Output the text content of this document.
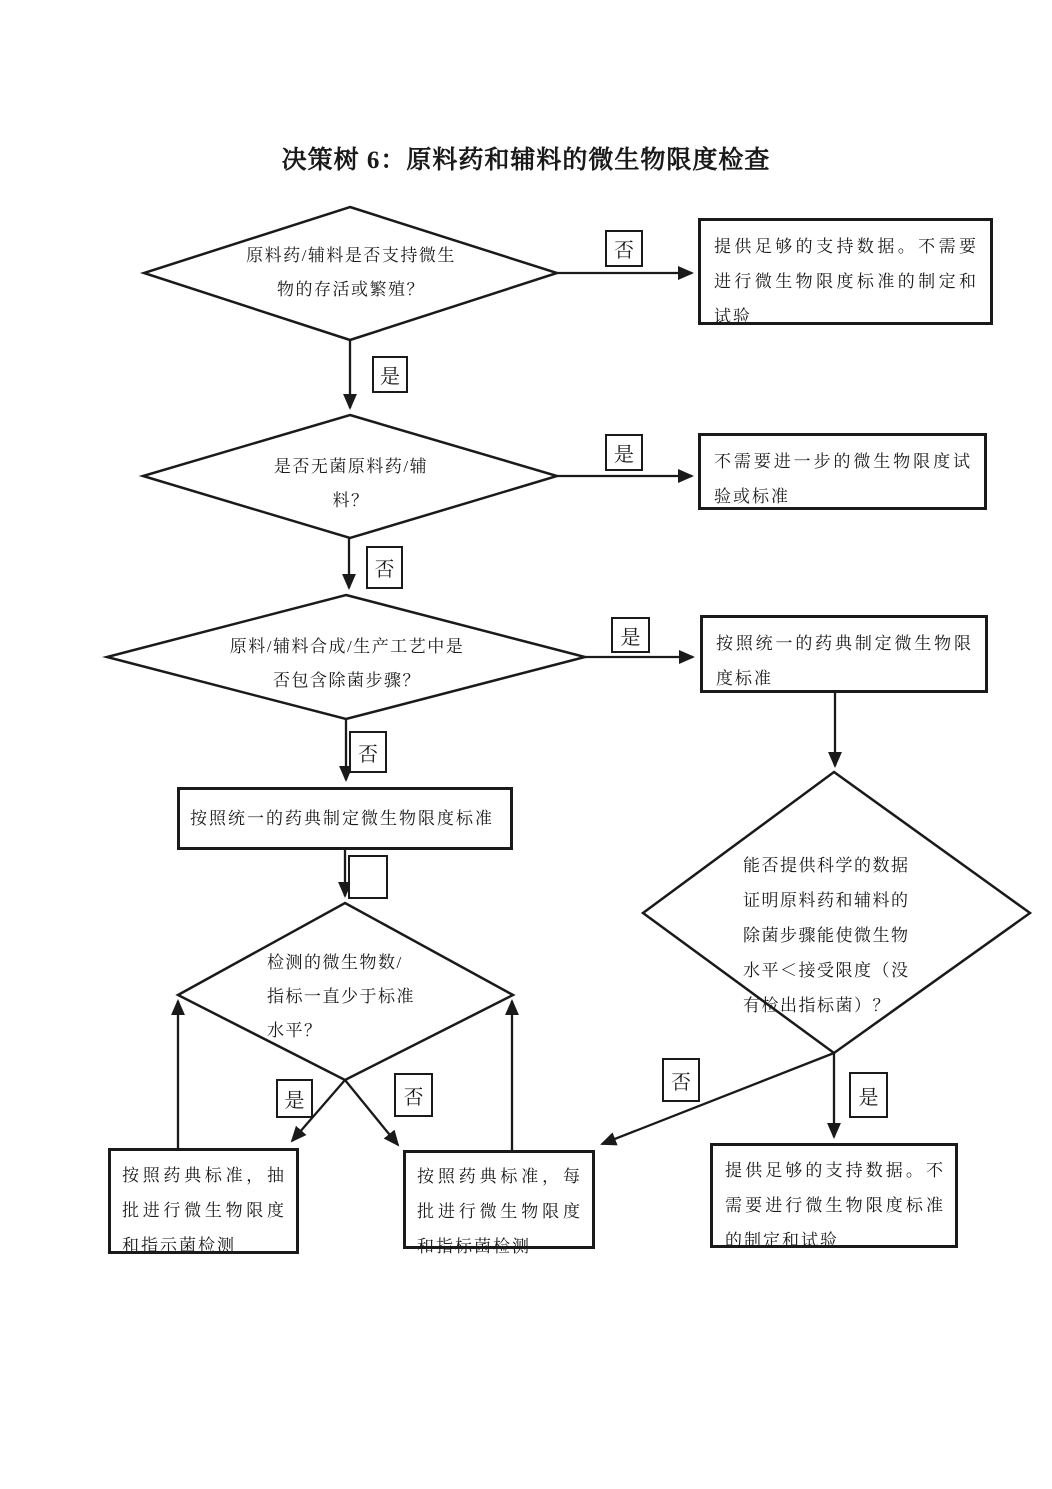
决策树 6：原料药和辅料的微生物限度检查
原料药/辅料是否支持微生物的存活或繁殖？
是否无菌原料药/辅料？
原料/辅料合成/生产工艺中是否包含除菌步骤？
检测的微生物数/指标一直少于标准水平？
能否提供科学的数据证明原料药和辅料的除菌步骤能使微生物水平＜接受限度（没有检出指标菌）？
提供足够的支持数据。不需要进行微生物限度标准的制定和试验
不需要进一步的微生物限度试验或标准
按照统一的药典制定微生物限度标准
按照统一的药典制定微生物限度标准
按照药典标准，抽批进行微生物限度和指示菌检测
按照药典标准，每批进行微生物限度和指标菌检测
提供足够的支持数据。不需要进行微生物限度标准的制定和试验
否
是
是
否
是
否
是	否
否
是
